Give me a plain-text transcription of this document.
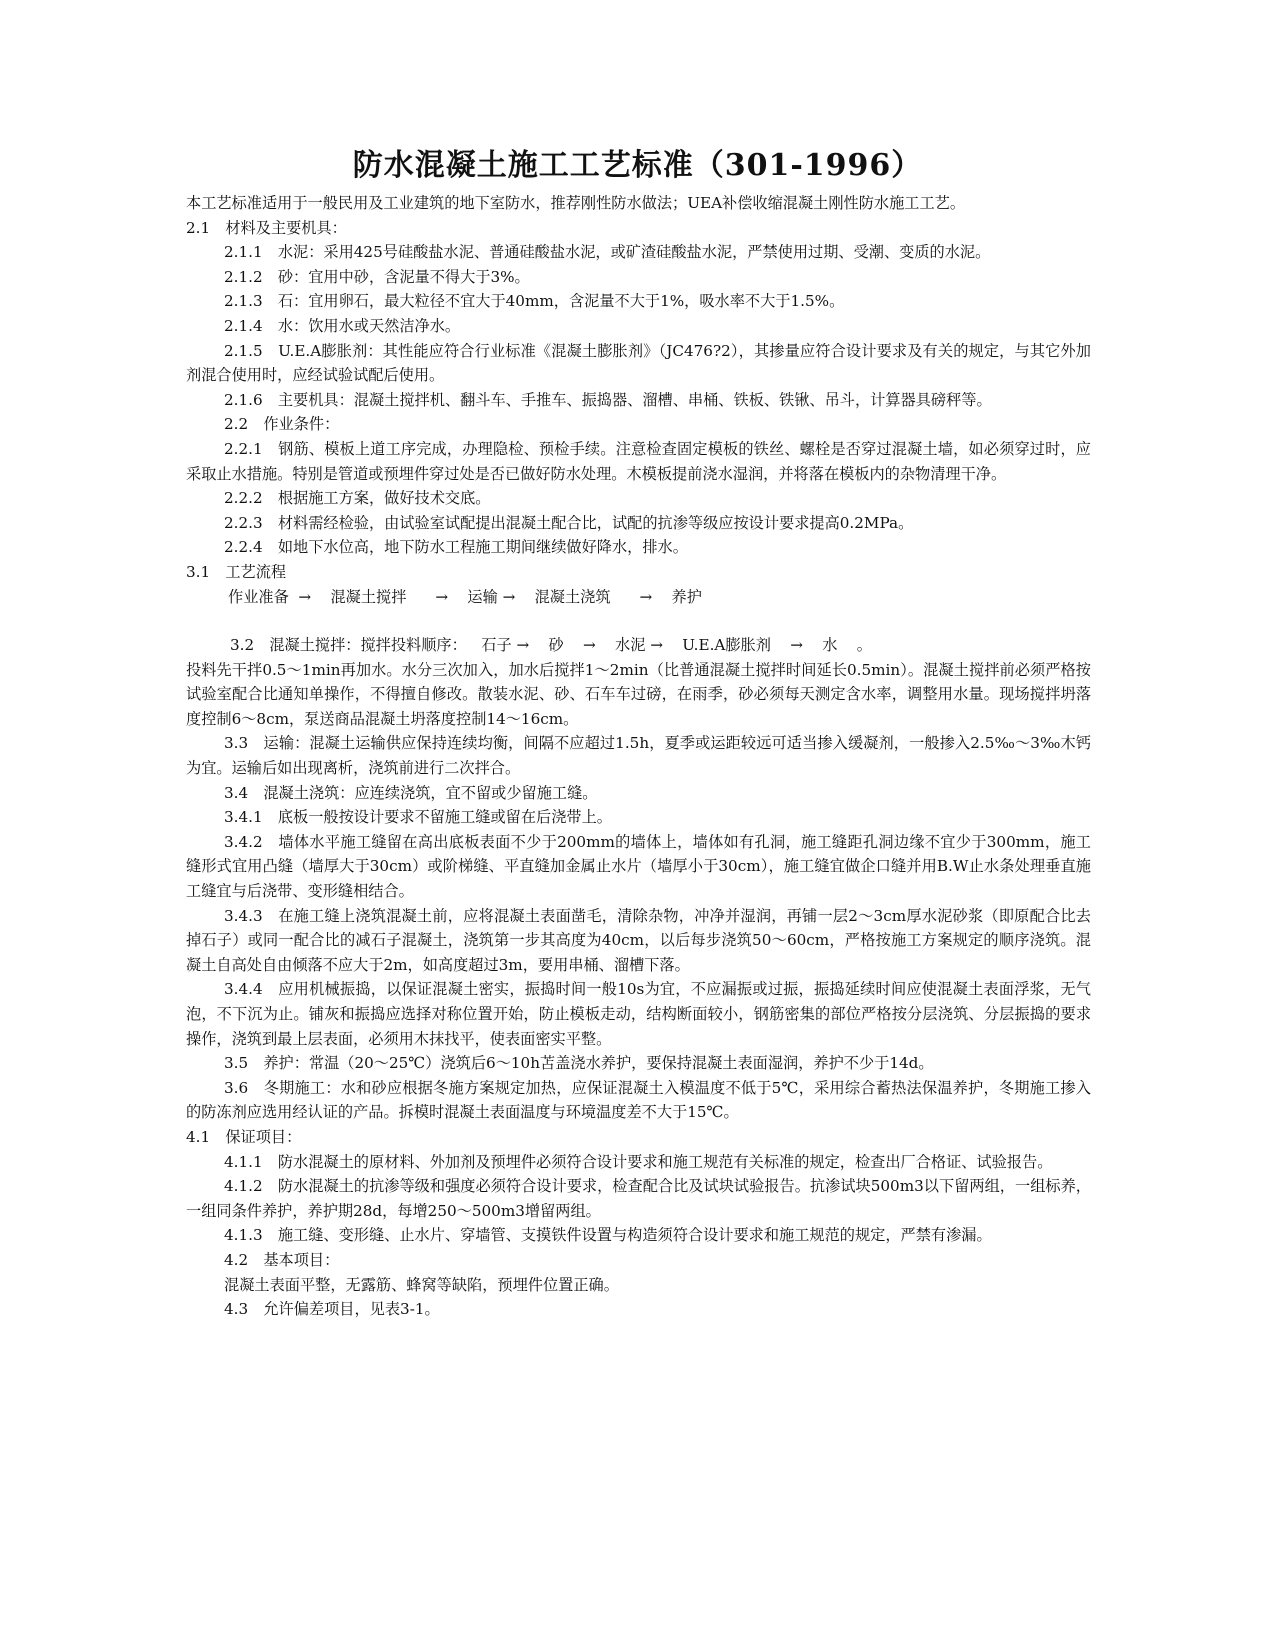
防水混凝土施工工艺标准（301-1996）

本工艺标准适用于一般民用及工业建筑的地下室防水，推荐刚性防水做法；UEA补偿收缩混凝土刚性防水施工工艺。

2.1　材料及主要机具：

2.1.1　水泥：采用425号硅酸盐水泥、普通硅酸盐水泥，或矿渣硅酸盐水泥，严禁使用过期、受潮、变质的水泥。

2.1.2　砂：宜用中砂，含泥量不得大于3%。

2.1.3　石：宜用卵石，最大粒径不宜大于40mm，含泥量不大于1%，吸水率不大于1.5%。

2.1.4　水：饮用水或天然洁净水。

2.1.5　U.E.A膨胀剂：其性能应符合行业标准《混凝土膨胀剂》（JC476?2），其掺量应符合设计要求及有关的规定，与其它外加剂混合使用时，应经试验试配后使用。

2.1.6　主要机具：混凝土搅拌机、翻斗车、手推车、振捣器、溜槽、串桶、铁板、铁锹、吊斗，计算器具磅秤等。

2.2　作业条件：

2.2.1　钢筋、模板上道工序完成，办理隐检、预检手续。注意检查固定模板的铁丝、螺栓是否穿过混凝土墙，如必须穿过时，应采取止水措施。特别是管道或预埋件穿过处是否已做好防水处理。木模板提前浇水湿润，并将落在模板内的杂物清理干净。

2.2.2　根据施工方案，做好技术交底。

2.2.3　材料需经检验，由试验室试配提出混凝土配合比，试配的抗渗等级应按设计要求提高0.2MPa。

2.2.4　如地下水位高，地下防水工程施工期间继续做好降水，排水。

3.1　工艺流程

作业准备  →    混凝土搅拌      →    运输 →    混凝土浇筑      →    养护

3.2　混凝土搅拌：搅拌投料顺序：   石子 →    砂    →    水泥 →    U.E.A膨胀剂    →    水    。

投料先干拌0.5～1min再加水。水分三次加入，加水后搅拌1～2min（比普通混凝土搅拌时间延长0.5min）。混凝土搅拌前必须严格按试验室配合比通知单操作，不得擅自修改。散装水泥、砂、石车车过磅，在雨季，砂必须每天测定含水率，调整用水量。现场搅拌坍落度控制6～8cm，泵送商品混凝土坍落度控制14～16cm。

3.3　运输：混凝土运输供应保持连续均衡，间隔不应超过1.5h，夏季或运距较远可适当掺入缓凝剂，一般掺入2.5‰～3‰木钙为宜。运输后如出现离析，浇筑前进行二次拌合。

3.4　混凝土浇筑：应连续浇筑，宜不留或少留施工缝。

3.4.1　底板一般按设计要求不留施工缝或留在后浇带上。

3.4.2　墙体水平施工缝留在高出底板表面不少于200mm的墙体上，墙体如有孔洞，施工缝距孔洞边缘不宜少于300mm，施工缝形式宜用凸缝（墙厚大于30cm）或阶梯缝、平直缝加金属止水片（墙厚小于30cm），施工缝宜做企口缝并用B.W止水条处理垂直施工缝宜与后浇带、变形缝相结合。

3.4.3　在施工缝上浇筑混凝土前，应将混凝土表面凿毛，清除杂物，冲净并湿润，再铺一层2～3cm厚水泥砂浆（即原配合比去掉石子）或同一配合比的减石子混凝土，浇筑第一步其高度为40cm，以后每步浇筑50～60cm，严格按施工方案规定的顺序浇筑。混凝土自高处自由倾落不应大于2m，如高度超过3m，要用串桶、溜槽下落。

3.4.4　应用机械振捣，以保证混凝土密实，振捣时间一般10s为宜，不应漏振或过振，振捣延续时间应使混凝土表面浮浆，无气泡，不下沉为止。铺灰和振捣应选择对称位置开始，防止模板走动，结构断面较小，钢筋密集的部位严格按分层浇筑、分层振捣的要求操作，浇筑到最上层表面，必须用木抹找平，使表面密实平整。

3.5　养护：常温（20～25℃）浇筑后6～10h苫盖浇水养护，要保持混凝土表面湿润，养护不少于14d。

3.6　冬期施工：水和砂应根据冬施方案规定加热，应保证混凝土入模温度不低于5℃，采用综合蓄热法保温养护，冬期施工掺入的防冻剂应选用经认证的产品。拆模时混凝土表面温度与环境温度差不大于15℃。

4.1　保证项目：

4.1.1　防水混凝土的原材料、外加剂及预埋件必须符合设计要求和施工规范有关标准的规定，检查出厂合格证、试验报告。

4.1.2　防水混凝土的抗渗等级和强度必须符合设计要求，检查配合比及试块试验报告。抗渗试块500m3以下留两组，一组标养，一组同条件养护，养护期28d，每增250～500m3增留两组。

4.1.3　施工缝、变形缝、止水片、穿墙管、支摸铁件设置与构造须符合设计要求和施工规范的规定，严禁有渗漏。

4.2　基本项目：

混凝土表面平整，无露筋、蜂窝等缺陷，预埋件位置正确。

4.3　允许偏差项目，见表3-1。
